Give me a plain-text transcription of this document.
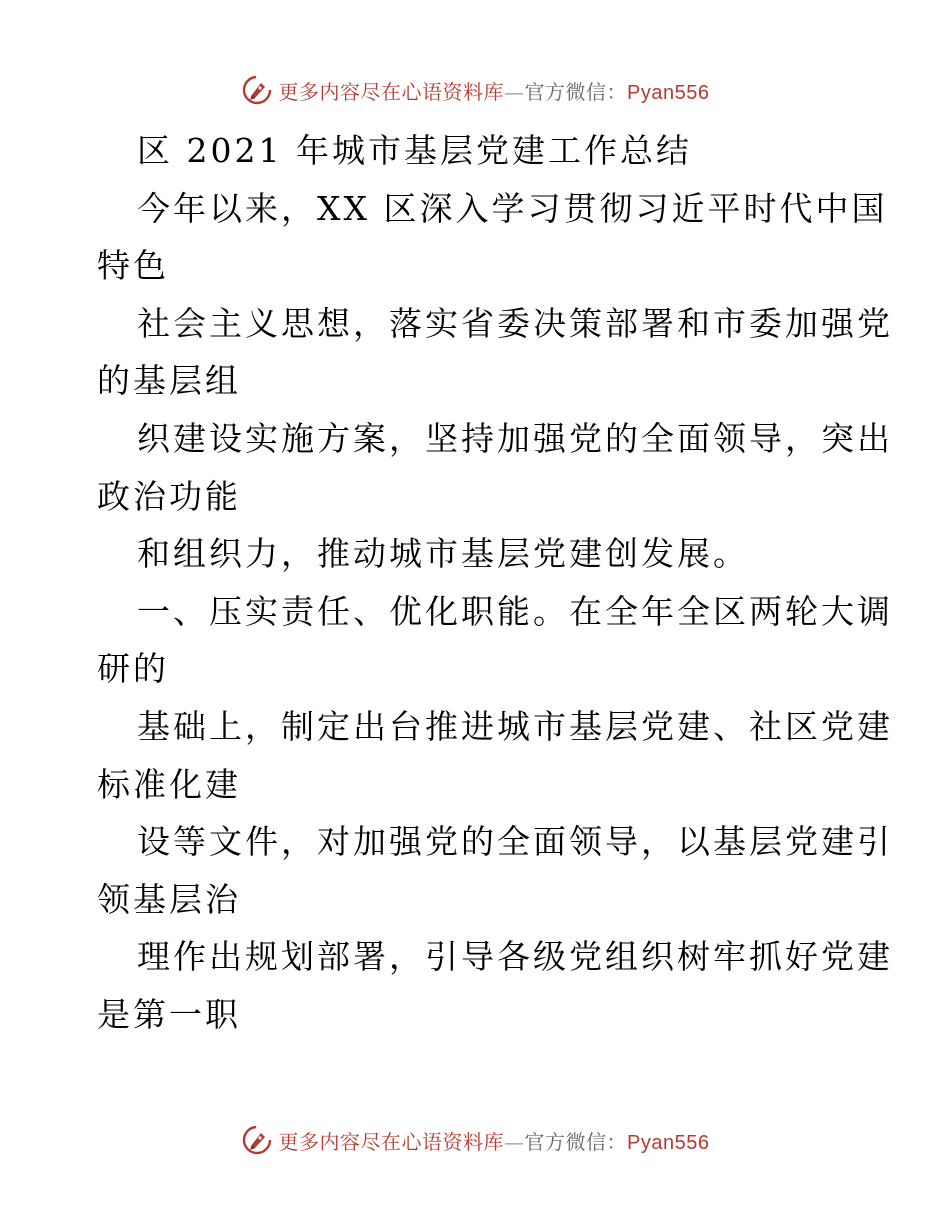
更多内容尽在心语资料库—官方微信：Pyan556
区 2021 年城市基层党建工作总结
今年以来，XX 区深入学习贯彻习近平时代中国
特色
社会主义思想，落实省委决策部署和市委加强党
的基层组
织建设实施方案，坚持加强党的全面领导，突出
政治功能
和组织力，推动城市基层党建创发展。
一、压实责任、优化职能。在全年全区两轮大调
研的
基础上，制定出台推进城市基层党建、社区党建
标准化建
设等文件，对加强党的全面领导，以基层党建引
领基层治
理作出规划部署，引导各级党组织树牢抓好党建
是第一职
更多内容尽在心语资料库—官方微信：Pyan556
